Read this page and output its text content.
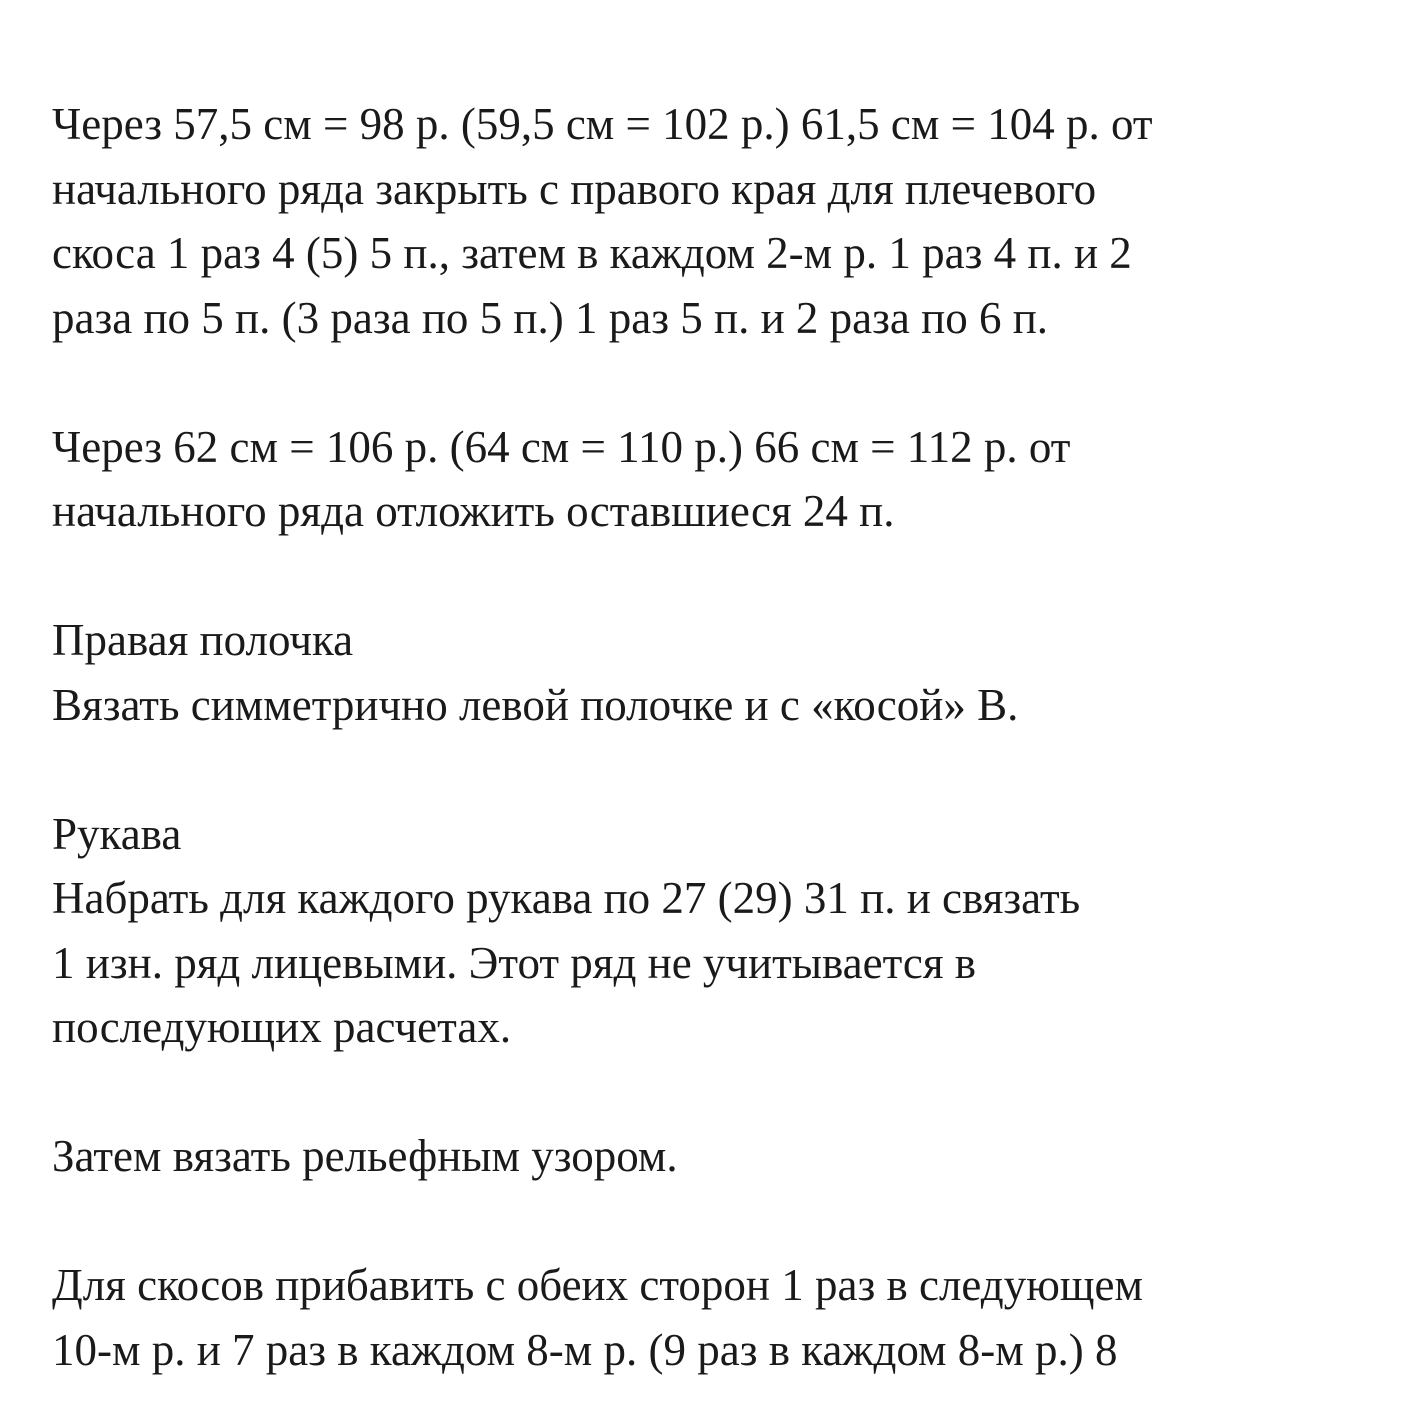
Через 57,5 см = 98 р. (59,5 см = 102 р.) 61,5 см = 104 р. от
начального ряда закрыть с правого края для плечевого
скоса 1 раз 4 (5) 5 п., затем в каждом 2-м р. 1 раз 4 п. и 2
раза по 5 п. (3 раза по 5 п.) 1 раз 5 п. и 2 раза по 6 п.
Через 62 см = 106 р. (64 см = 110 р.) 66 см = 112 р. от
начального ряда отложить оставшиеся 24 п.
Правая полочка
Вязать симметрично левой полочке и с «косой» В.
Рукава
Набрать для каждого рукава по 27 (29) 31 п. и связать
1 изн. ряд лицевыми. Этот ряд не учитывается в
последующих расчетах.
Затем вязать рельефным узором.
Для скосов прибавить с обеих сторон 1 раз в следующем
10-м р. и 7 раз в каждом 8-м р. (9 раз в каждом 8-м р.) 8
